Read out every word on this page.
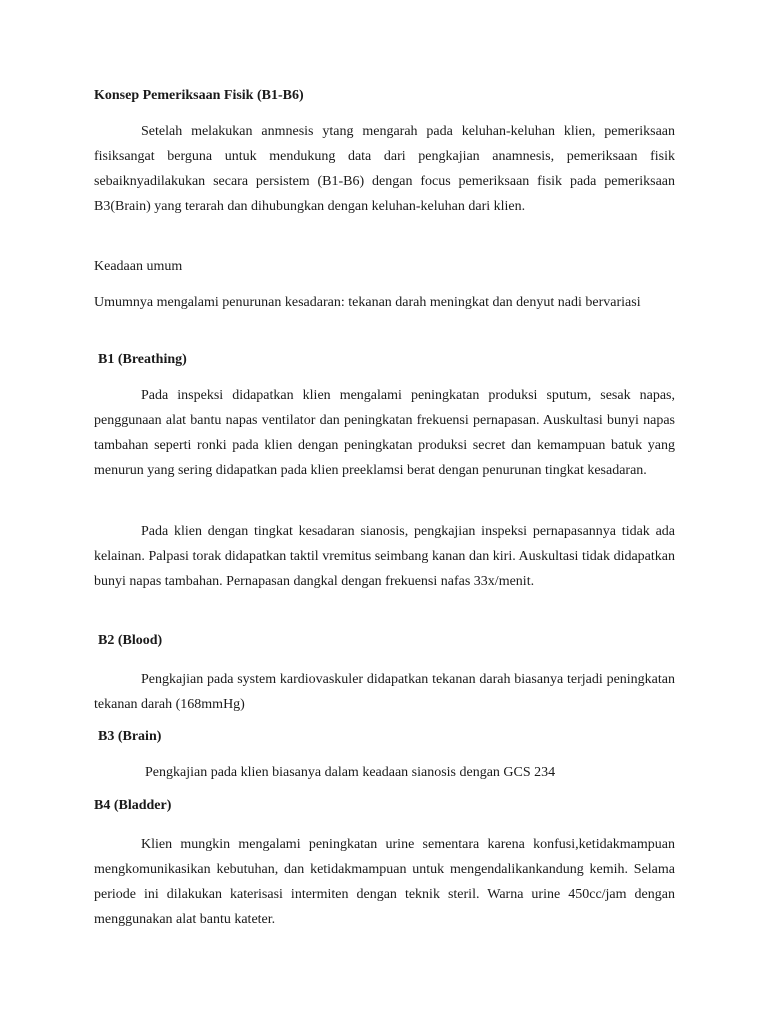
Konsep Pemeriksaan Fisik (B1-B6)

Setelah melakukan anmnesis ytang mengarah pada keluhan-keluhan klien, pemeriksaan fisiksangat berguna untuk mendukung data dari pengkajian anamnesis, pemeriksaan fisik sebaiknyadilakukan secara persistem (B1-B6) dengan focus pemeriksaan fisik pada pemeriksaan B3(Brain) yang terarah dan dihubungkan dengan keluhan-keluhan dari klien.

Keadaan umum

Umumnya mengalami penurunan kesadaran: tekanan darah meningkat dan denyut nadi bervariasi

B1 (Breathing)

Pada inspeksi didapatkan klien mengalami peningkatan produksi sputum, sesak napas, penggunaan alat bantu napas ventilator dan peningkatan frekuensi pernapasan. Auskultasi bunyi napas tambahan seperti ronki pada klien dengan peningkatan produksi secret dan kemampuan batuk yang menurun yang sering didapatkan pada klien preeklamsi berat dengan penurunan tingkat kesadaran.

Pada klien dengan tingkat kesadaran sianosis, pengkajian inspeksi pernapasannya tidak ada kelainan. Palpasi torak didapatkan taktil vremitus seimbang kanan dan kiri. Auskultasi tidak didapatkan bunyi napas tambahan. Pernapasan dangkal dengan frekuensi nafas 33x/menit.

B2 (Blood)

Pengkajian pada system kardiovaskuler didapatkan tekanan darah biasanya terjadi peningkatan tekanan darah (168mmHg)

B3 (Brain)

Pengkajian pada klien biasanya dalam keadaan sianosis dengan GCS 234

B4 (Bladder)

Klien mungkin mengalami peningkatan urine sementara karena konfusi,ketidakmampuan mengkomunikasikan kebutuhan, dan ketidakmampuan untuk mengendalikankandung kemih. Selama periode ini dilakukan katerisasi intermiten dengan teknik steril. Warna urine 450cc/jam dengan menggunakan alat bantu kateter.
